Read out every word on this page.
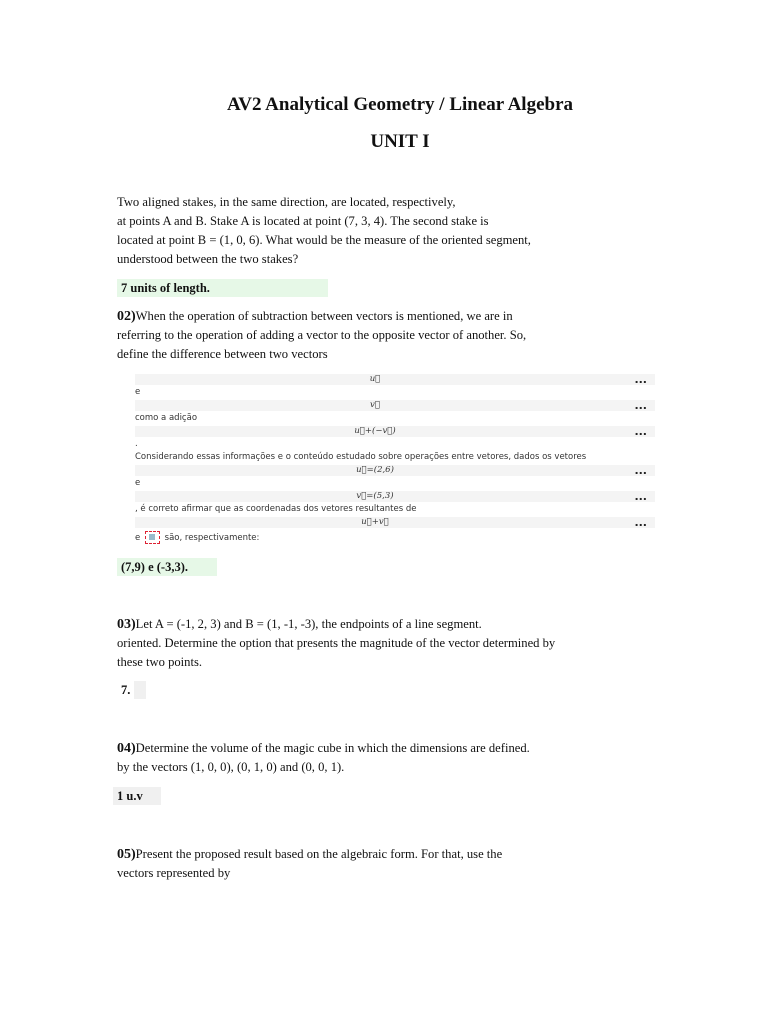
AV2 Analytical Geometry / Linear Algebra
UNIT I
Two aligned stakes, in the same direction, are located, respectively,
at points A and B. Stake A is located at point (7, 3, 4). The second stake is
located at point B = (1, 0, 6). What would be the measure of the oriented segment,
understood between the two stakes?
7 units of length.
02)When the operation of subtraction between vectors is mentioned, we are in
referring to the operation of adding a vector to the opposite vector of another. So,
define the difference between two vectors
u⃗	...
e
v⃗	...
como a adição
u⃗+(−v⃗)	...
.
Considerando essas informações e o conteúdo estudado sobre operações entre vetores, dados os vetores
u⃗=(2,6)	...
e
v⃗=(5,3)	...
, é correto afirmar que as coordenadas dos vetores resultantes de
u⃗+v⃗	...
e	são, respectivamente:
(7,9) e (-3,3).
03)Let A = (-1, 2, 3) and B = (1, -1, -3), the endpoints of a line segment.
oriented. Determine the option that presents the magnitude of the vector determined by
these two points.
7.
04)Determine the volume of the magic cube in which the dimensions are defined.
by the vectors (1, 0, 0), (0, 1, 0) and (0, 0, 1).
1 u.v
05)Present the proposed result based on the algebraic form. For that, use the
vectors represented by
